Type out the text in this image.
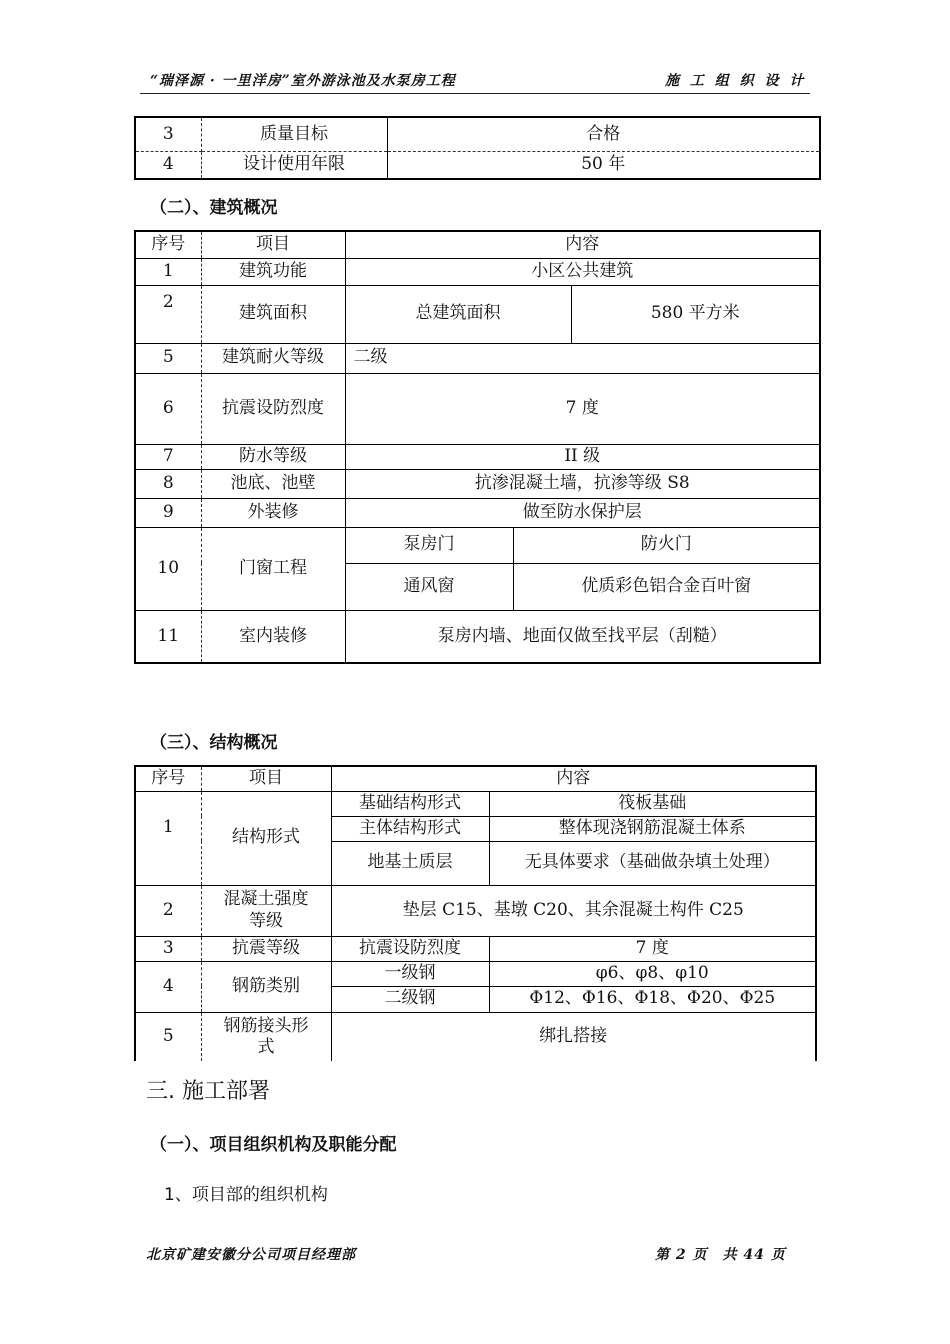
“瑞泽源 · 一里洋房”室外游泳池及水泵房工程	施 工 组 织 设 计
3	质量目标	合格
4	设计使用年限	50 年
（二）、建筑概况
序号	项目	内容		
1	建筑功能	小区公共建筑		
2	建筑面积	总建筑面积		580 平方米
5	建筑耐火等级	二级		
6	抗震设防烈度	7 度		
7	防水等级	II 级		
8	池底、池壁	抗渗混凝土墙，抗渗等级 S8		
9	外装修	做至防水保护层		
10	门窗工程	泵房门	防火门	
		通风窗	优质彩色铝合金百叶窗	
11	室内装修	泵房内墙、地面仅做至找平层（刮糙）		
（三）、结构概况
序号	项目	内容	
1	结构形式	基础结构形式	筏板基础
		主体结构形式	整体现浇钢筋混凝土体系
		地基土质层	无具体要求（基础做杂填土处理）
2	混凝土强度等级	垫层 C15、基墩 C20、其余混凝土构件 C25	
3	抗震等级	抗震设防烈度	7 度
4	钢筋类别	一级钢	φ6、φ8、φ10
		二级钢	Φ12、Φ16、Φ18、Φ20、Φ25
5	钢筋接头形式	绑扎搭接	
三. 施工部署
（一）、项目组织机构及职能分配
1、项目部的组织机构
北京矿建安徽分公司项目经理部	第 2 页　共 44 页
